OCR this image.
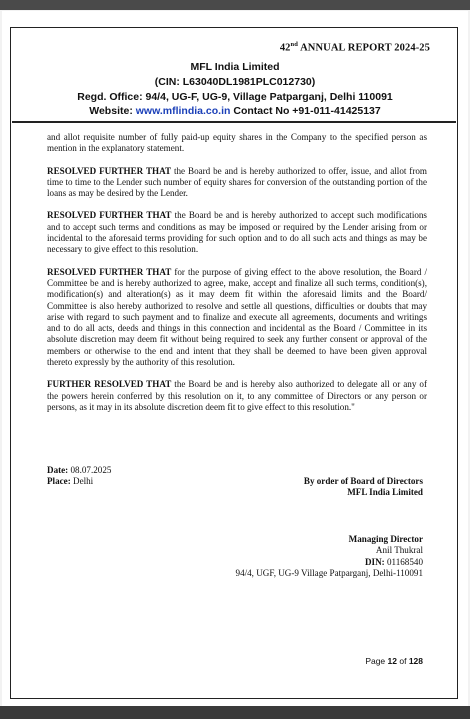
42nd ANNUAL REPORT 2024-25
MFL India Limited
(CIN: L63040DL1981PLC012730)
Regd. Office: 94/4, UG-F, UG-9, Village Patparganj, Delhi 110091
Website: www.mflindia.co.in Contact No +91-011-41425137

and allot requisite number of fully paid-up equity shares in the Company to the specified person as mention in the explanatory statement.

RESOLVED FURTHER THAT the Board be and is hereby authorized to offer, issue, and allot from time to time to the Lender such number of equity shares for conversion of the outstanding portion of the loans as may be desired by the Lender.

RESOLVED FURTHER THAT the Board be and is hereby authorized to accept such modifications and to accept such terms and conditions as may be imposed or required by the Lender arising from or incidental to the aforesaid terms providing for such option and to do all such acts and things as may be necessary to give effect to this resolution.

RESOLVED FURTHER THAT for the purpose of giving effect to the above resolution, the Board / Committee be and is hereby authorized to agree, make, accept and finalize all such terms, condition(s), modification(s) and alteration(s) as it may deem fit within the aforesaid limits and the Board/ Committee is also hereby authorized to resolve and settle all questions, difficulties or doubts that may arise with regard to such payment and to finalize and execute all agreements, documents and writings and to do all acts, deeds and things in this connection and incidental as the Board / Committee in its absolute discretion may deem fit without being required to seek any further consent or approval of the members or otherwise to the end and intent that they shall be deemed to have been given approval thereto expressly by the authority of this resolution.

FURTHER RESOLVED THAT the Board be and is hereby also authorized to delegate all or any of the powers herein conferred by this resolution on it, to any committee of Directors or any person or persons, as it may in its absolute discretion deem fit to give effect to this resolution."

Date: 08.07.2025
Place: Delhi	By order of Board of Directors
MFL India Limited
Managing Director
Anil Thukral
DIN: 01168540
94/4, UGF, UG-9 Village Patparganj, Delhi-110091
Page 12 of 128
